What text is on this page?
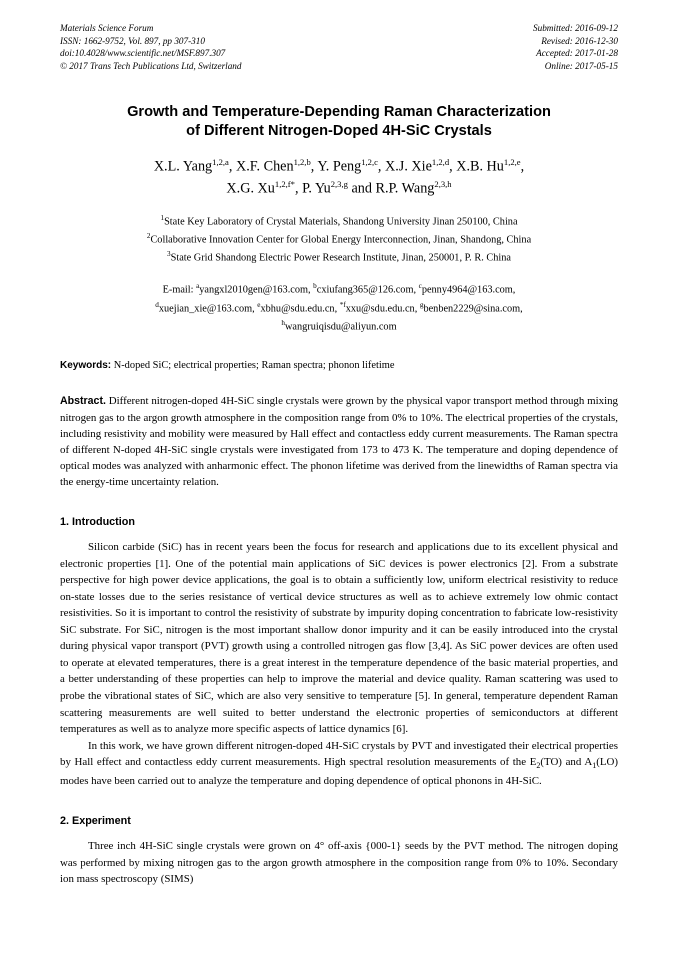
Materials Science Forum
ISSN: 1662-9752, Vol. 897, pp 307-310
doi:10.4028/www.scientific.net/MSF.897.307
© 2017 Trans Tech Publications Ltd, Switzerland
Submitted: 2016-09-12
Revised: 2016-12-30
Accepted: 2017-01-28
Online: 2017-05-15
Growth and Temperature-Depending Raman Characterization
of Different Nitrogen-Doped 4H-SiC Crystals
X.L. Yang$^{1,2,a}$, X.F. Chen$^{1,2,b}$, Y. Peng$^{1,2,c}$, X.J. Xie$^{1,2,d}$, X.B. Hu$^{1,2,e}$,
X.G. $Xu^{1,2,f*}$, P. Yu$^{2,3,g}$ and R.P. Wang$^{2,3,h}$
$^1$State Key Laboratory of Crystal Materials, Shandong University Jinan 250100, China
$^2$Collaborative Innovation Center for Global Energy Interconnection, Jinan, Shandong, China
$^3$State Grid Shandong Electric Power Research Institute, Jinan, 250001, P. R. China
E-mail: $^a$yangxl2010gen@163.com, $^b$cxiufang365@126.com, $^c$penny4964@163.com,
$^d$xuejian_xie@163.com, $^e$xbhu@sdu.edu.cn, $^{*f}$xxu@sdu.edu.cn, $^g$benben2229@sina.com,
$^h$wangruiqisdu@aliyun.com
Keywords: N-doped SiC; electrical properties; Raman spectra; phonon lifetime
Abstract. Different nitrogen-doped 4H-SiC single crystals were grown by the physical vapor transport method through mixing nitrogen gas to the argon growth atmosphere in the composition range from 0% to 10%. The electrical properties of the crystals, including resistivity and mobility were measured by Hall effect and contactless eddy current measurements. The Raman spectra of different N-doped 4H-SiC single crystals were investigated from 173 to 473 K. The temperature and doping dependence of optical modes was analyzed with anharmonic effect. The phonon lifetime was derived from the linewidths of Raman spectra via the energy-time uncertainty relation.
1. Introduction
Silicon carbide (SiC) has in recent years been the focus for research and applications due to its excellent physical and electronic properties [1]. One of the potential main applications of SiC devices is power electronics [2]. From a substrate perspective for high power device applications, the goal is to obtain a sufficiently low, uniform electrical resistivity to reduce on-state losses due to the series resistance of vertical device structures as well as to achieve extremely low ohmic contact resistivities. So it is important to control the resistivity of substrate by impurity doping concentration to fabricate low-resistivity SiC substrate. For SiC, nitrogen is the most important shallow donor impurity and it can be easily introduced into the crystal during physical vapor transport (PVT) growth using a controlled nitrogen gas flow [3,4]. As SiC power devices are often used to operate at elevated temperatures, there is a great interest in the temperature dependence of the basic material properties, and a better understanding of these properties can help to improve the material and device quality. Raman scattering was used to probe the vibrational states of SiC, which are also very sensitive to temperature [5]. In general, temperature dependent Raman scattering measurements are well suited to better understand the electronic properties of semiconductors at different temperatures as well as to analyze more specific aspects of lattice dynamics [6].
In this work, we have grown different nitrogen-doped 4H-SiC crystals by PVT and investigated their electrical properties by Hall effect and contactless eddy current measurements. High spectral resolution measurements of the $E_2(TO)$ and $A_1(LO)$ modes have been carried out to analyze the temperature and doping dependence of optical phonons in 4H-SiC.
2. Experiment
Three inch 4H-SiC single crystals were grown on 4° off-axis {000-1} seeds by the PVT method. The nitrogen doping was performed by mixing nitrogen gas to the argon growth atmosphere in the composition range from 0% to 10%. Secondary ion mass spectroscopy (SIMS)
